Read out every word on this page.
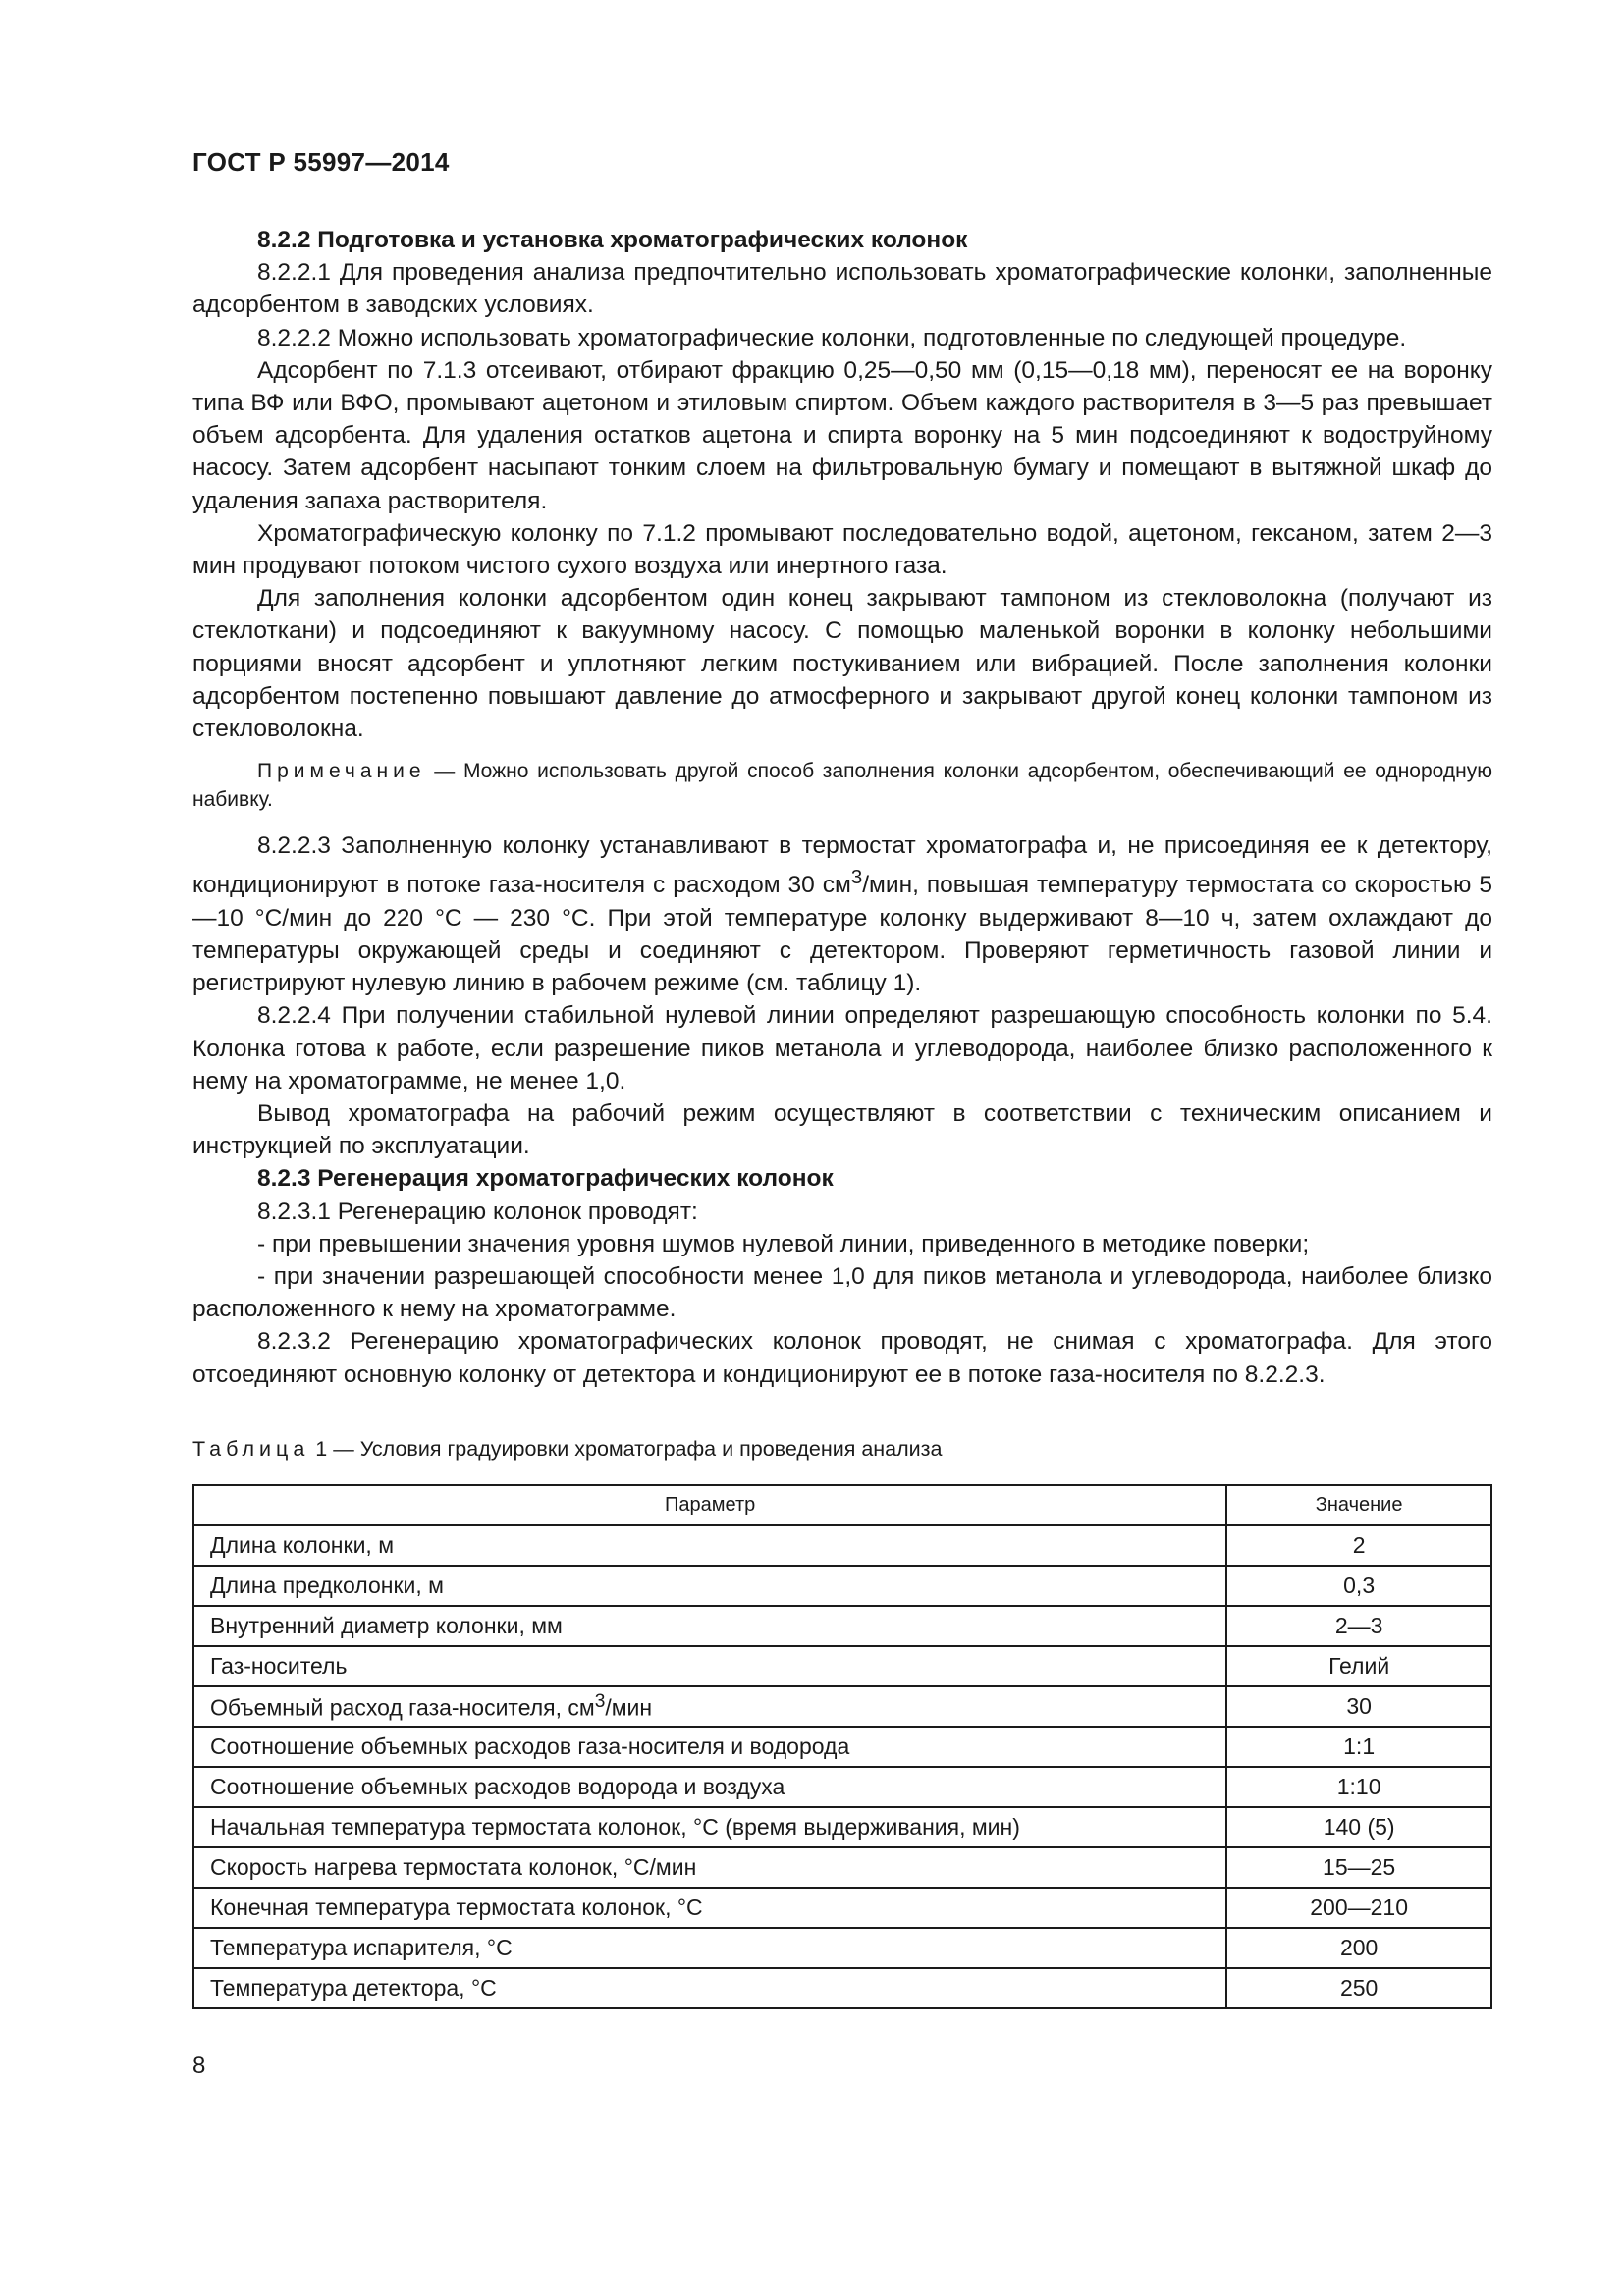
ГОСТ Р 55997—2014

8.2.2 Подготовка и установка хроматографических колонок

8.2.2.1 Для проведения анализа предпочтительно использовать хроматографические колонки, заполненные адсорбентом в заводских условиях.

8.2.2.2 Можно использовать хроматографические колонки, подготовленные по следующей процедуре.

Адсорбент по 7.1.3 отсеивают, отбирают фракцию 0,25—0,50 мм (0,15—0,18 мм), переносят ее на воронку типа ВФ или ВФО, промывают ацетоном и этиловым спиртом. Объем каждого растворителя в 3—5 раз превышает объем адсорбента. Для удаления остатков ацетона и спирта воронку на 5 мин подсоединяют к водоструйному насосу. Затем адсорбент насыпают тонким слоем на фильтровальную бумагу и помещают в вытяжной шкаф до удаления запаха растворителя.

Хроматографическую колонку по 7.1.2 промывают последовательно водой, ацетоном, гексаном, затем 2—3 мин продувают потоком чистого сухого воздуха или инертного газа.

Для заполнения колонки адсорбентом один конец закрывают тампоном из стекловолокна (получают из стеклоткани) и подсоединяют к вакуумному насосу. С помощью маленькой воронки в колонку небольшими порциями вносят адсорбент и уплотняют легким постукиванием или вибрацией. После заполнения колонки адсорбентом постепенно повышают давление до атмосферного и закрывают другой конец колонки тампоном из стекловолокна.

Примечание — Можно использовать другой способ заполнения колонки адсорбентом, обеспечивающий ее однородную набивку.

8.2.2.3 Заполненную колонку устанавливают в термостат хроматографа и, не присоединяя ее к детектору, кондиционируют в потоке газа-носителя с расходом 30 $см^3$/мин, повышая температуру термостата со скоростью 5—10 °С/мин до 220 °С — 230 °С. При этой температуре колонку выдерживают 8—10 ч, затем охлаждают до температуры окружающей среды и соединяют с детектором. Проверяют герметичность газовой линии и регистрируют нулевую линию в рабочем режиме (см. таблицу 1).

8.2.2.4 При получении стабильной нулевой линии определяют разрешающую способность колонки по 5.4. Колонка готова к работе, если разрешение пиков метанола и углеводорода, наиболее близко расположенного к нему на хроматограмме, не менее 1,0.

Вывод хроматографа на рабочий режим осуществляют в соответствии с техническим описанием и инструкцией по эксплуатации.

8.2.3 Регенерация хроматографических колонок

8.2.3.1 Регенерацию колонок проводят:

- при превышении значения уровня шумов нулевой линии, приведенного в методике поверки;

- при значении разрешающей способности менее 1,0 для пиков метанола и углеводорода, наиболее близко расположенного к нему на хроматограмме.

8.2.3.2 Регенерацию хроматографических колонок проводят, не снимая с хроматографа. Для этого отсоединяют основную колонку от детектора и кондиционируют ее в потоке газа-носителя по 8.2.2.3.

Таблица 1 — Условия градуировки хроматографа и проведения анализа
Параметр	Значение
Длина колонки, м	2
Длина предколонки, м	0,3
Внутренний диаметр колонки, мм	2—3
Газ-носитель	Гелий
Объемный расход газа-носителя, $см^3$/мин	30
Соотношение объемных расходов газа-носителя и водорода	1:1
Соотношение объемных расходов водорода и воздуха	1:10
Начальная температура термостата колонок, °С (время выдерживания, мин)	140 (5)
Скорость нагрева термостата колонок, °С/мин	15—25
Конечная температура термостата колонок, °С	200—210
Температура испарителя, °С	200
Температура детектора, °С	250
8
